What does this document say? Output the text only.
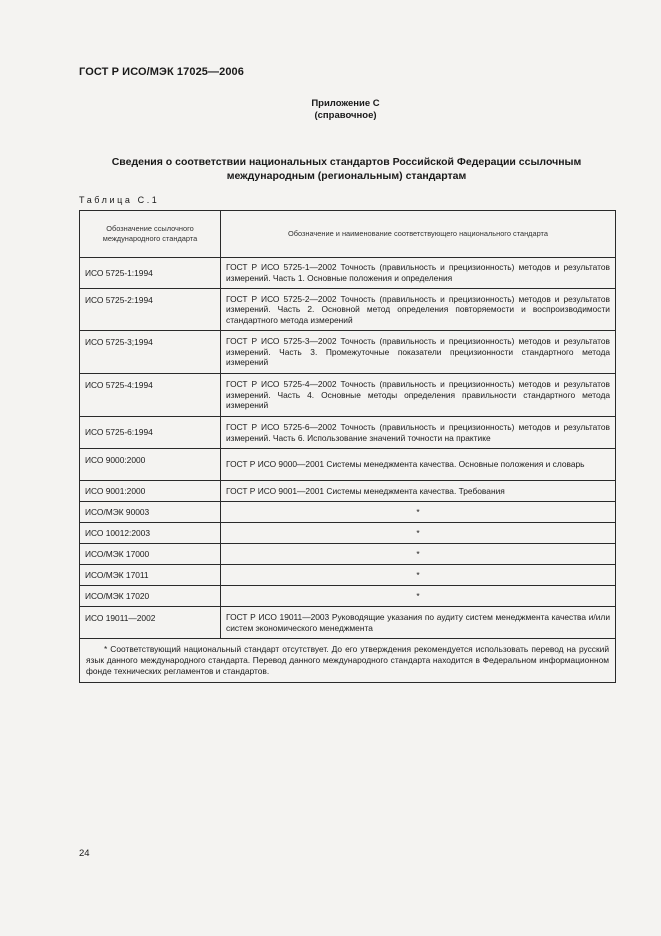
ГОСТ Р ИСО/МЭК 17025—2006
Приложение С
(справочное)
Сведения о соответствии национальных стандартов Российской Федерации ссылочным
международным (региональным) стандартам
Таблица С.1
Обозначение ссылочного международного стандарта	Обозначение и наименование соответствующего национального стандарта
ИСО 5725-1:1994	ГОСТ Р ИСО 5725-1—2002 Точность (правильность и прецизионность) методов и результатов измерений. Часть 1. Основные положения и определения
ИСО 5725-2:1994	ГОСТ Р ИСО 5725-2—2002 Точность (правильность и прецизионность) методов и результатов измерений. Часть 2. Основной метод определения повторяемости и воспроизводимости стандартного метода измерений
ИСО 5725-3;1994	ГОСТ Р ИСО 5725-3—2002 Точность (правильность и прецизионность) методов и результатов измерений. Часть 3. Промежуточные показатели прецизионности стандартного метода измерений
ИСО 5725-4:1994	ГОСТ Р ИСО 5725-4—2002 Точность (правильность и прецизионность) методов и результатов измерений. Часть 4. Основные методы определения правильности стандартного метода измерений
ИСО 5725-6:1994	ГОСТ Р ИСО 5725-6—2002 Точность (правильность и прецизионность) методов и результатов измерений. Часть 6. Использование значений точности на практике
ИСО 9000:2000	ГОСТ Р ИСО 9000—2001 Системы менеджмента качества. Основные положения и словарь
ИСО 9001:2000	ГОСТ Р ИСО 9001—2001 Системы менеджмента качества. Требования
ИСО/МЭК 90003	*
ИСО 10012:2003	*
ИСО/МЭК 17000	*
ИСО/МЭК 17011	*
ИСО/МЭК 17020	*
ИСО 19011—2002	ГОСТ Р ИСО 19011—2003 Руководящие указания по аудиту систем менеджмента качества и/или систем экономического менеджмента
* Соответствующий национальный стандарт отсутствует. До его утверждения рекомендуется использовать перевод на русский язык данного международного стандарта. Перевод данного международного стандарта находится в Федеральном информационном фонде технических регламентов и стандартов.	
24
